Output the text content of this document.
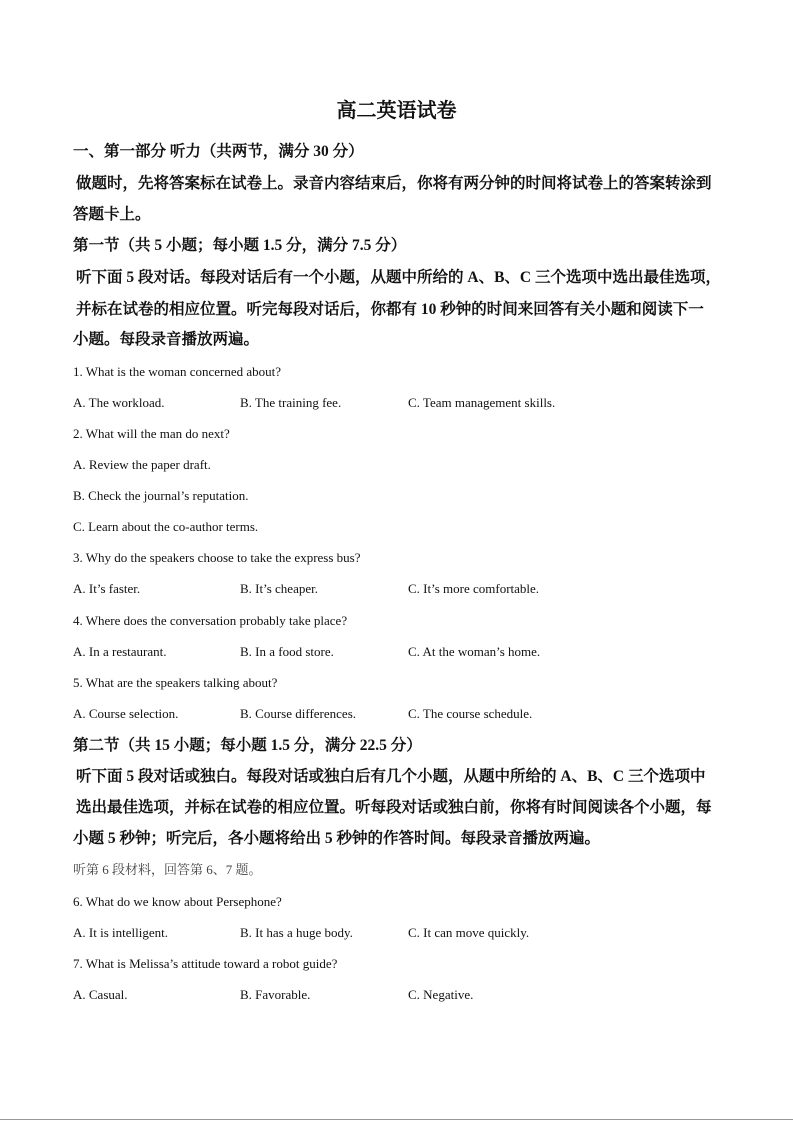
高二英语试卷
一、第一部分 听力（共两节，满分 30 分）
做题时，先将答案标在试卷上。录音内容结束后，你将有两分钟的时间将试卷上的答案转涂到
答题卡上。
第一节（共 5 小题；每小题 1.5 分，满分 7.5 分）
听下面 5 段对话。每段对话后有一个小题，从题中所给的 A、B、C 三个选项中选出最佳选项，
并标在试卷的相应位置。听完每段对话后，你都有 10 秒钟的时间来回答有关小题和阅读下一
小题。每段录音播放两遍。
第二节（共 15 小题；每小题 1.5 分，满分 22.5 分）
听下面 5 段对话或独白。每段对话或独白后有几个小题，从题中所给的 A、B、C 三个选项中
选出最佳选项，并标在试卷的相应位置。听每段对话或独白前，你将有时间阅读各个小题，每
小题 5 秒钟；听完后，各小题将给出 5 秒钟的作答时间。每段录音播放两遍。
听第 6 段材料，回答第 6、7 题。
1. What is the woman concerned about?
A. The workload.	B. The training fee.	C. Team management skills.
2. What will the man do next?
A. Review the paper draft.
B. Check the journal’s reputation.
C. Learn about the co-author terms.
3. Why do the speakers choose to take the express bus?
A. It’s faster.	B. It’s cheaper.	C. It’s more comfortable.
4. Where does the conversation probably take place?
A. In a restaurant.	B. In a food store.	C. At the woman’s home.
5. What are the speakers talking about?
A. Course selection.	B. Course differences.	C. The course schedule.
6. What do we know about Persephone?
A. It is intelligent.	B. It has a huge body.	C. It can move quickly.
7. What is Melissa’s attitude toward a robot guide?
A. Casual.	B. Favorable.	C. Negative.
